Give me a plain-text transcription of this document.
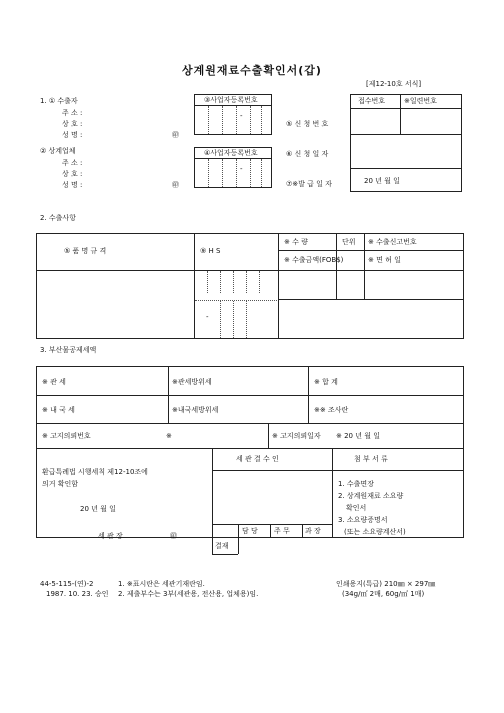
상계원재료수출확인서(갑)
[제12-10호 서식]
1. ① 수출자
주 소 :
상 호 :
성 명 :	㊞
② 상계업체
주 소 :
상 호 :
성 명 :	㊞
③사업자등록번호
-
④사업자등록번호
-
⑤ 신 청 번 호
⑥ 신 청 일 자
⑦※발 급 일 자
접수번호	※일련번호
20 년 월 일
2. 수출사항
⑤ 품 명 규 격	⑨ H S
※ 수 량	단위 ※ 수출신고번호
※ 수출금액(FOB$)	※ 면 허 일
-
3. 부산물공제세액
※ 관 세	※관세방위세	※ 합 계
※ 내 국 세	※내국세방위세	※※ 조사란
※ 고지의뢰번호	※	※ 고지의뢰일자 ※ 20 년 월 일
환급특례법 시행세칙 제12-10조에
의거 확인함
20 년 월 일
세 관 장	㊞
세 관 결 수 인	첨 부 서 류
1. 수출면장
2. 상계원재료 소요량
확인서
3. 소요량증명서
(또는 소요량계산서)
담 당 주 무 과 장
결재
44-5-115-(연)-2
1987. 10. 23. 승인
1. ※표시란은 세관기재란임.
2. 제출부수는 3부(세관용, 전산용, 업체용)임.
인쇄용지(특급) 210㎜ × 297㎜
(34g/㎡ 2매, 60g/㎡ 1매)
